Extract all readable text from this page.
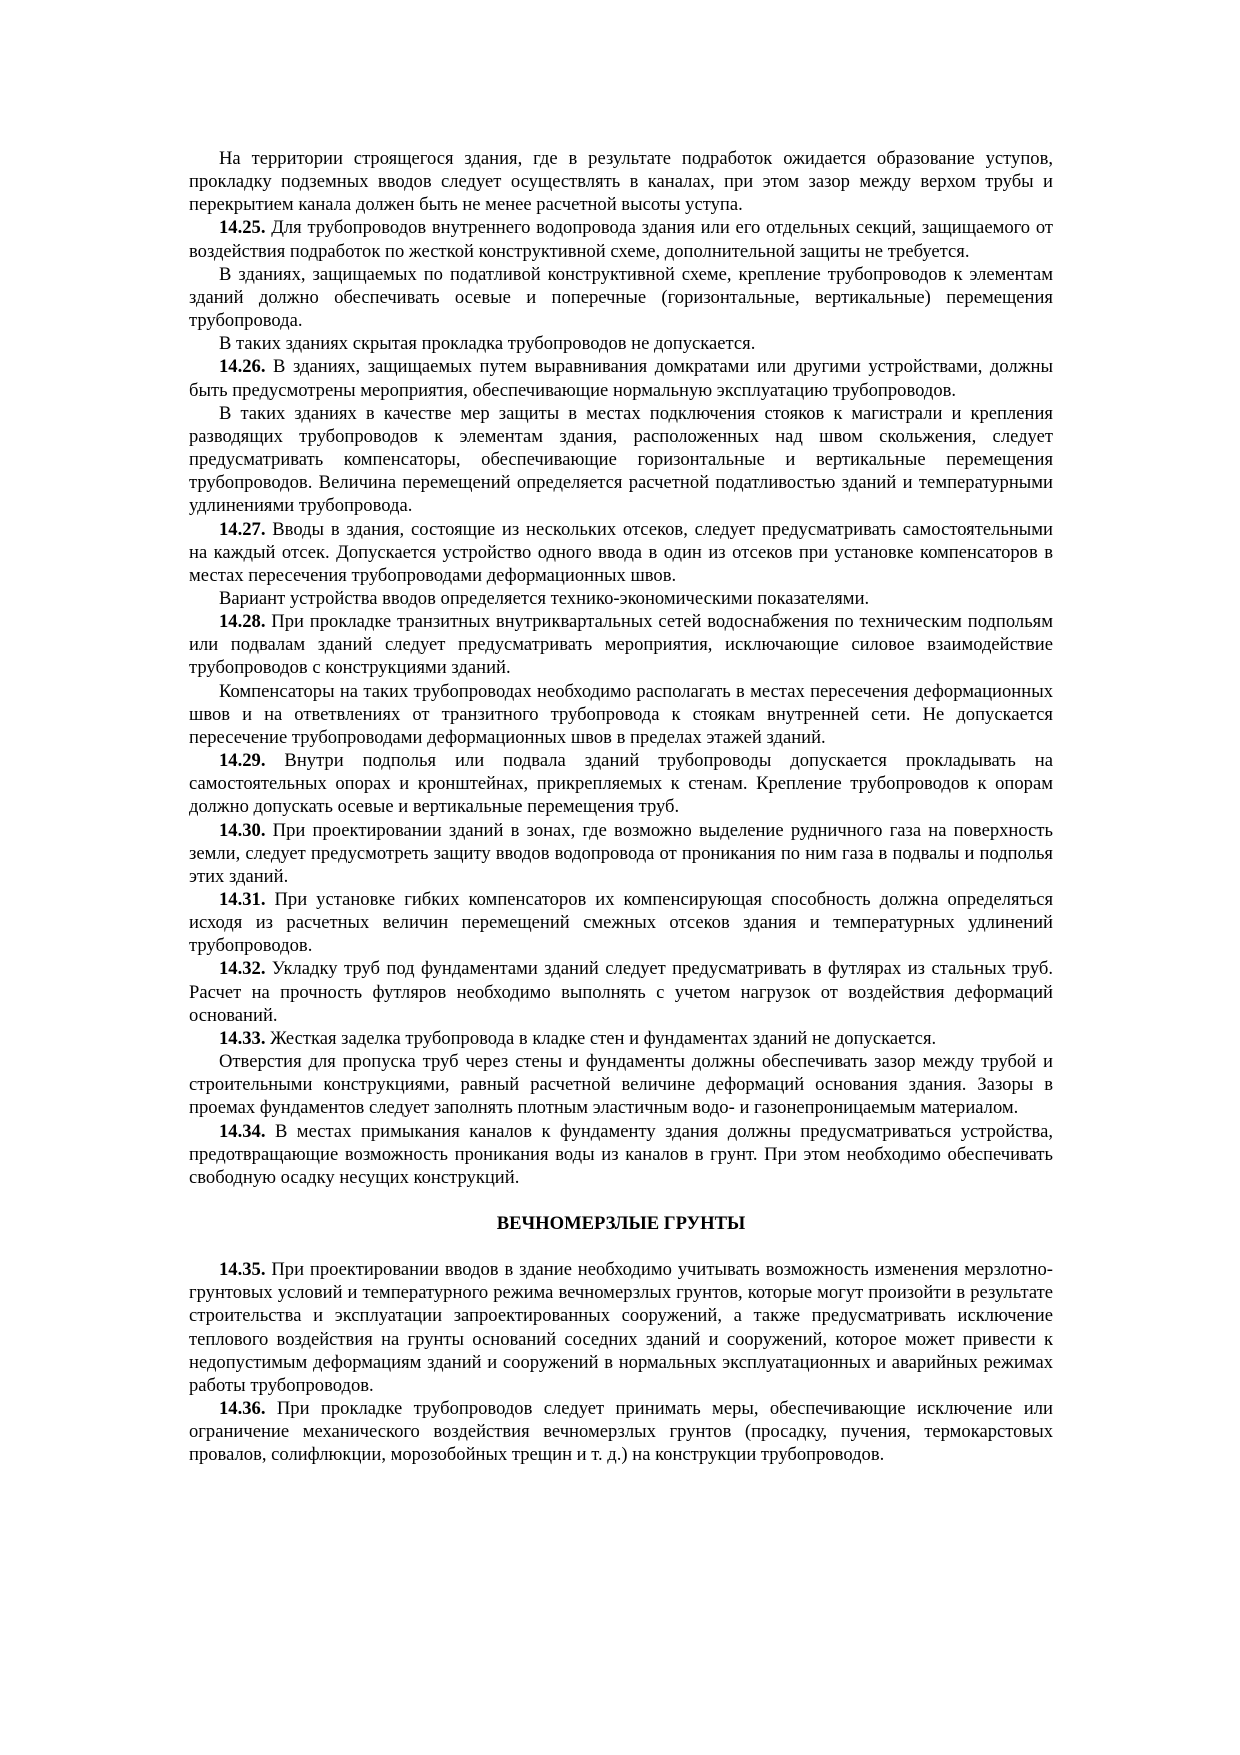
На территории строящегося здания, где в результате подработок ожидается образование уступов, прокладку подземных вводов следует осуществлять в каналах, при этом зазор между верхом трубы и перекрытием канала должен быть не менее расчетной высоты уступа.

14.25. Для трубопроводов внутреннего водопровода здания или его отдельных секций, защищаемого от воздействия подработок по жесткой конструктивной схеме, дополнительной защиты не требуется.

В зданиях, защищаемых по податливой конструктивной схеме, крепление трубопроводов к элементам зданий должно обеспечивать осевые и поперечные (горизонтальные, вертикальные) перемещения трубопровода.

В таких зданиях скрытая прокладка трубопроводов не допускается.

14.26. В зданиях, защищаемых путем выравнивания домкратами или другими устройствами, должны быть предусмотрены мероприятия, обеспечивающие нормальную эксплуатацию трубопроводов.

В таких зданиях в качестве мер защиты в местах подключения стояков к магистрали и крепления разводящих трубопроводов к элементам здания, расположенных над швом скольжения, следует предусматривать компенсаторы, обеспечивающие горизонтальные и вертикальные перемещения трубопроводов. Величина перемещений определяется расчетной податливостью зданий и температурными удлинениями трубопровода.

14.27. Вводы в здания, состоящие из нескольких отсеков, следует предусматривать самостоятельными на каждый отсек. Допускается устройство одного ввода в один из отсеков при установке компенсаторов в местах пересечения трубопроводами деформационных швов.

Вариант устройства вводов определяется технико-экономическими показателями.

14.28. При прокладке транзитных внутриквартальных сетей водоснабжения по техническим подпольям или подвалам зданий следует предусматривать мероприятия, исключающие силовое взаимодействие трубопроводов с конструкциями зданий.

Компенсаторы на таких трубопроводах необходимо располагать в местах пересечения деформационных швов и на ответвлениях от транзитного трубопровода к стоякам внутренней сети. Не допускается пересечение трубопроводами деформационных швов в пределах этажей зданий.

14.29. Внутри подполья или подвала зданий трубопроводы допускается прокладывать на самостоятельных опорах и кронштейнах, прикрепляемых к стенам. Крепление трубопроводов к опорам должно допускать осевые и вертикальные перемещения труб.

14.30. При проектировании зданий в зонах, где возможно выделение рудничного газа на поверхность земли, следует предусмотреть защиту вводов водопровода от проникания по ним газа в подвалы и подполья этих зданий.

14.31. При установке гибких компенсаторов их компенсирующая способность должна определяться исходя из расчетных величин перемещений смежных отсеков здания и температурных удлинений трубопроводов.

14.32. Укладку труб под фундаментами зданий следует предусматривать в футлярах из стальных труб. Расчет на прочность футляров необходимо выполнять с учетом нагрузок от воздействия деформаций оснований.

14.33. Жесткая заделка трубопровода в кладке стен и фундаментах зданий не допускается.

Отверстия для пропуска труб через стены и фундаменты должны обеспечивать зазор между трубой и строительными конструкциями, равный расчетной величине деформаций основания здания. Зазоры в проемах фундаментов следует заполнять плотным эластичным водо- и газонепроницаемым материалом.

14.34. В местах примыкания каналов к фундаменту здания должны предусматриваться устройства, предотвращающие возможность проникания воды из каналов в грунт. При этом необходимо обеспечивать свободную осадку несущих конструкций.

ВЕЧНОМЕРЗЛЫЕ ГРУНТЫ

14.35. При проектировании вводов в здание необходимо учитывать возможность изменения мерзлотно-грунтовых условий и температурного режима вечномерзлых грунтов, которые могут произойти в результате строительства и эксплуатации запроектированных сооружений, а также предусматривать исключение теплового воздействия на грунты оснований соседних зданий и сооружений, которое может привести к недопустимым деформациям зданий и сооружений в нормальных эксплуатационных и аварийных режимах работы трубопроводов.

14.36. При прокладке трубопроводов следует принимать меры, обеспечивающие исключение или ограничение механического воздействия вечномерзлых грунтов (просадку, пучения, термокарстовых провалов, солифлюкции, морозобойных трещин и т. д.) на конструкции трубопроводов.
